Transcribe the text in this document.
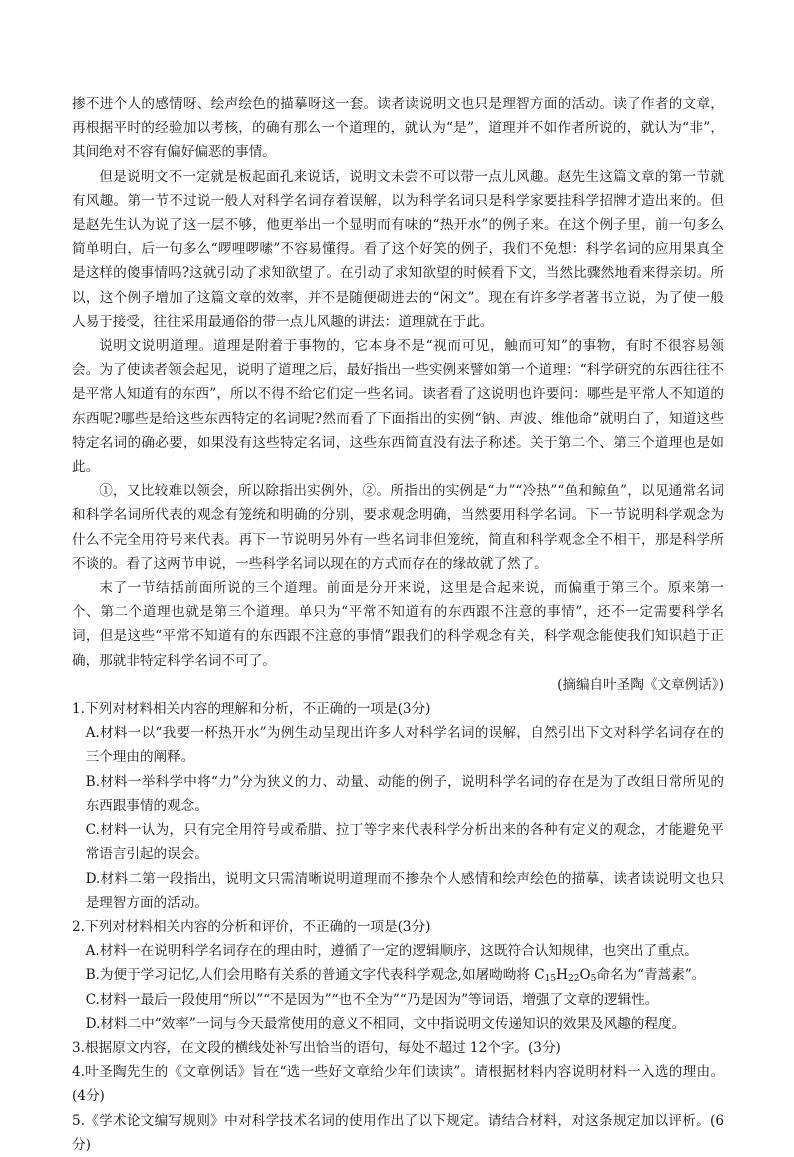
掺不进个人的感情呀、绘声绘色的描摹呀这一套。读者读说明文也只是理智方面的活动。读了作者的文章，再根据平时的经验加以考核，的确有那么一个道理的，就认为“是”，道理并不如作者所说的，就认为“非”，其间绝对不容有偏好偏恶的事情。

但是说明文不一定就是板起面孔来说话，说明文未尝不可以带一点儿风趣。赵先生这篇文章的第一节就有风趣。第一节不过说一般人对科学名词存着误解，以为科学名词只是科学家要挂科学招牌才造出来的。但是赵先生认为说了这一层不够，他更举出一个显明而有味的“热开水”的例子来。在这个例子里，前一句多么简单明白，后一句多么“啰哩啰嗦”不容易懂得。看了这个好笑的例子，我们不免想：科学名词的应用果真全是这样的傻事情吗?这就引动了求知欲望了。在引动了求知欲望的时候看下文，当然比骤然地看来得亲切。所以，这个例子增加了这篇文章的效率，并不是随便砌进去的“闲文”。现在有许多学者著书立说，为了使一般人易于接受，往往采用最通俗的带一点儿风趣的讲法：道理就在于此。

说明文说明道理。道理是附着于事物的，它本身不是“视而可见，触而可知”的事物，有时不很容易领会。为了使读者领会起见，说明了道理之后，最好指出一些实例来譬如第一个道理：“科学研究的东西往往不是平常人知道有的东西”，所以不得不给它们定一些名词。读者看了这说明也许要问：哪些是平常人不知道的东西呢?哪些是给这些东西特定的名词呢?然而看了下面指出的实例“钠、声波、维他命”就明白了，知道这些特定名词的确必要，如果没有这些特定名词，这些东西简直没有法子称述。关于第二个、第三个道理也是如此。

①，又比较难以领会，所以除指出实例外，②。所指出的实例是“力”“冷热”“鱼和鲸鱼”，以见通常名词和科学名词所代表的观念有笼统和明确的分别，要求观念明确，当然要用科学名词。下一节说明科学观念为什么不完全用符号来代表。再下一节说明另外有一些名词非但笼统，简直和科学观念全不相干，那是科学所不谈的。看了这两节申说，一些科学名词以现在的方式而存在的缘故就了然了。

末了一节结括前面所说的三个道理。前面是分开来说，这里是合起来说，而偏重于第三个。原来第一个、第二个道理也就是第三个道理。单只为“平常不知道有的东西跟不注意的事情”，还不一定需要科学名词，但是这些“平常不知道有的东西跟不注意的事情”跟我们的科学观念有关，科学观念能使我们知识趋于正确，那就非特定科学名词不可了。

(摘编自叶圣陶《文章例话》)

1.下列对材料相关内容的理解和分析，不正确的一项是(3分)

A.材料一以“我要一杯热开水”为例生动呈现出许多人对科学名词的误解，自然引出下文对科学名词存在的三个理由的阐释。

B.材料一举科学中将“力”分为狭义的力、动量、动能的例子，说明科学名词的存在是为了改组日常所见的东西跟事情的观念。

C.材料一认为，只有完全用符号或希腊、拉丁等字来代表科学分析出来的各种有定义的观念，才能避免平常语言引起的误会。

D.材料二第一段指出，说明文只需清晰说明道理而不掺杂个人感情和绘声绘色的描摹，读者读说明文也只是理智方面的活动。

2.下列对材料相关内容的分析和评价，不正确的一项是(3分)

A.材料一在说明科学名词存在的理由时，遵循了一定的逻辑顺序，这既符合认知规律，也突出了重点。

B.为便于学习记忆,人们会用略有关系的普通文字代表科学观念,如屠呦呦将 $C_{15}H_{22}O_5$命名为“青蒿素”。

C.材料一最后一段使用“所以”“不是因为”“也不全为”“乃是因为”等词语，增强了文章的逻辑性。

D.材料二中“效率”一词与今天最常使用的意义不相同，文中指说明文传递知识的效果及风趣的程度。

3.根据原文内容，在文段的横线处补写出恰当的语句，每处不超过 12个字。(3分)

4.叶圣陶先生的《文章例话》旨在“选一些好文章给少年们读读”。请根据材料内容说明材料一入选的理由。(4分)

5.《学术论文编写规则》中对科学技术名词的使用作出了以下规定。请结合材料，对这条规定加以评析。(6分)
